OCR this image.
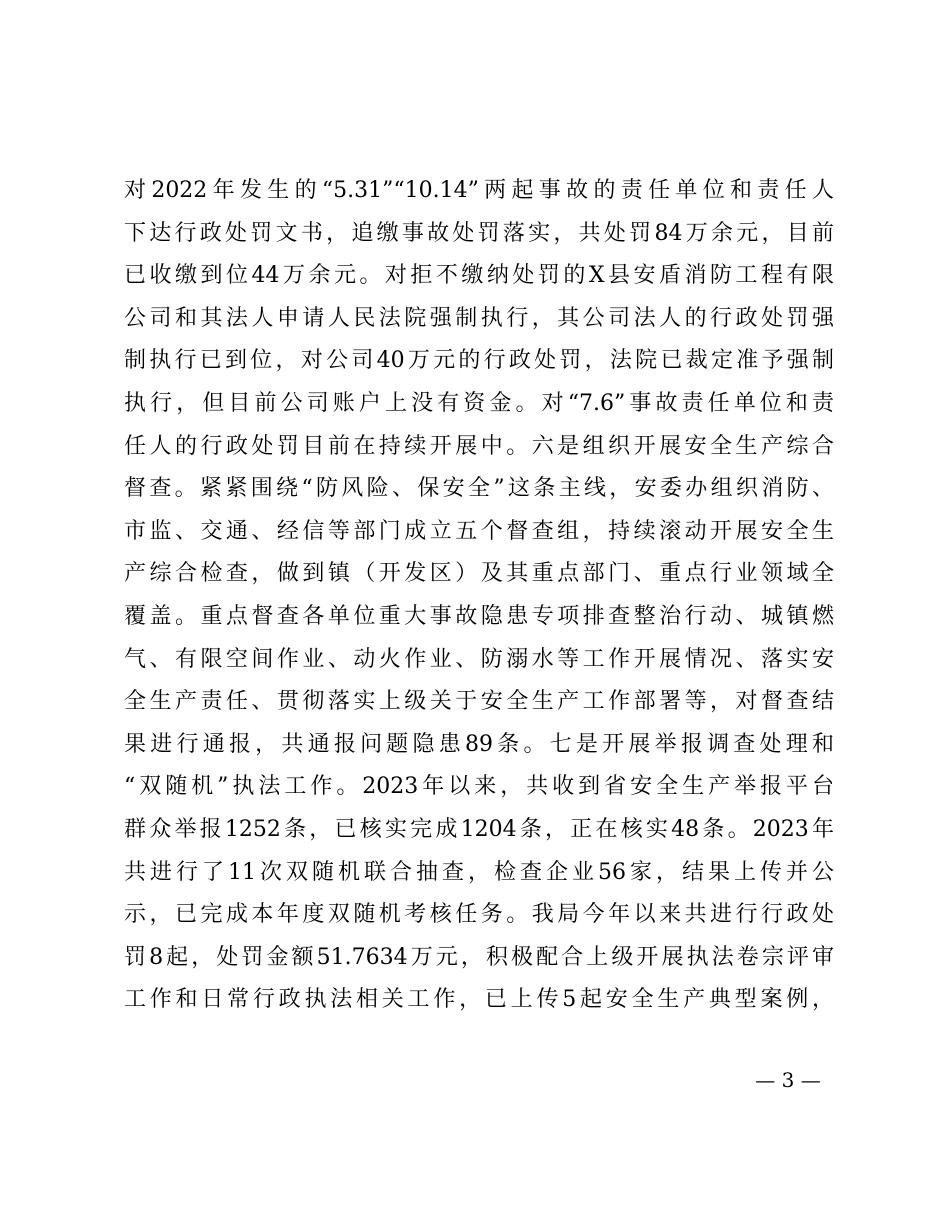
对2022年发生的“5.31”“10.14”两起事故的责任单位和责任人
下达行政处罚文书，追缴事故处罚落实，共处罚84万余元，目前
已收缴到位44万余元。对拒不缴纳处罚的X县安盾消防工程有限
公司和其法人申请人民法院强制执行，其公司法人的行政处罚强
制执行已到位，对公司40万元的行政处罚，法院已裁定准予强制
执行，但目前公司账户上没有资金。对“7.6”事故责任单位和责
任人的行政处罚目前在持续开展中。六是组织开展安全生产综合
督查。紧紧围绕“防风险、保安全”这条主线，安委办组织消防、
市监、交通、经信等部门成立五个督查组，持续滚动开展安全生
产综合检查，做到镇（开发区）及其重点部门、重点行业领域全
覆盖。重点督查各单位重大事故隐患专项排查整治行动、城镇燃
气、有限空间作业、动火作业、防溺水等工作开展情况、落实安
全生产责任、贯彻落实上级关于安全生产工作部署等，对督查结
果进行通报，共通报问题隐患89条。七是开展举报调查处理和
“双随机”执法工作。2023年以来，共收到省安全生产举报平台
群众举报1252条，已核实完成1204条，正在核实48条。2023年
共进行了11次双随机联合抽查，检查企业56家，结果上传并公
示，已完成本年度双随机考核任务。我局今年以来共进行行政处
罚8起，处罚金额51.7634万元，积极配合上级开展执法卷宗评审
工作和日常行政执法相关工作，已上传5起安全生产典型案例，
— 3 —
